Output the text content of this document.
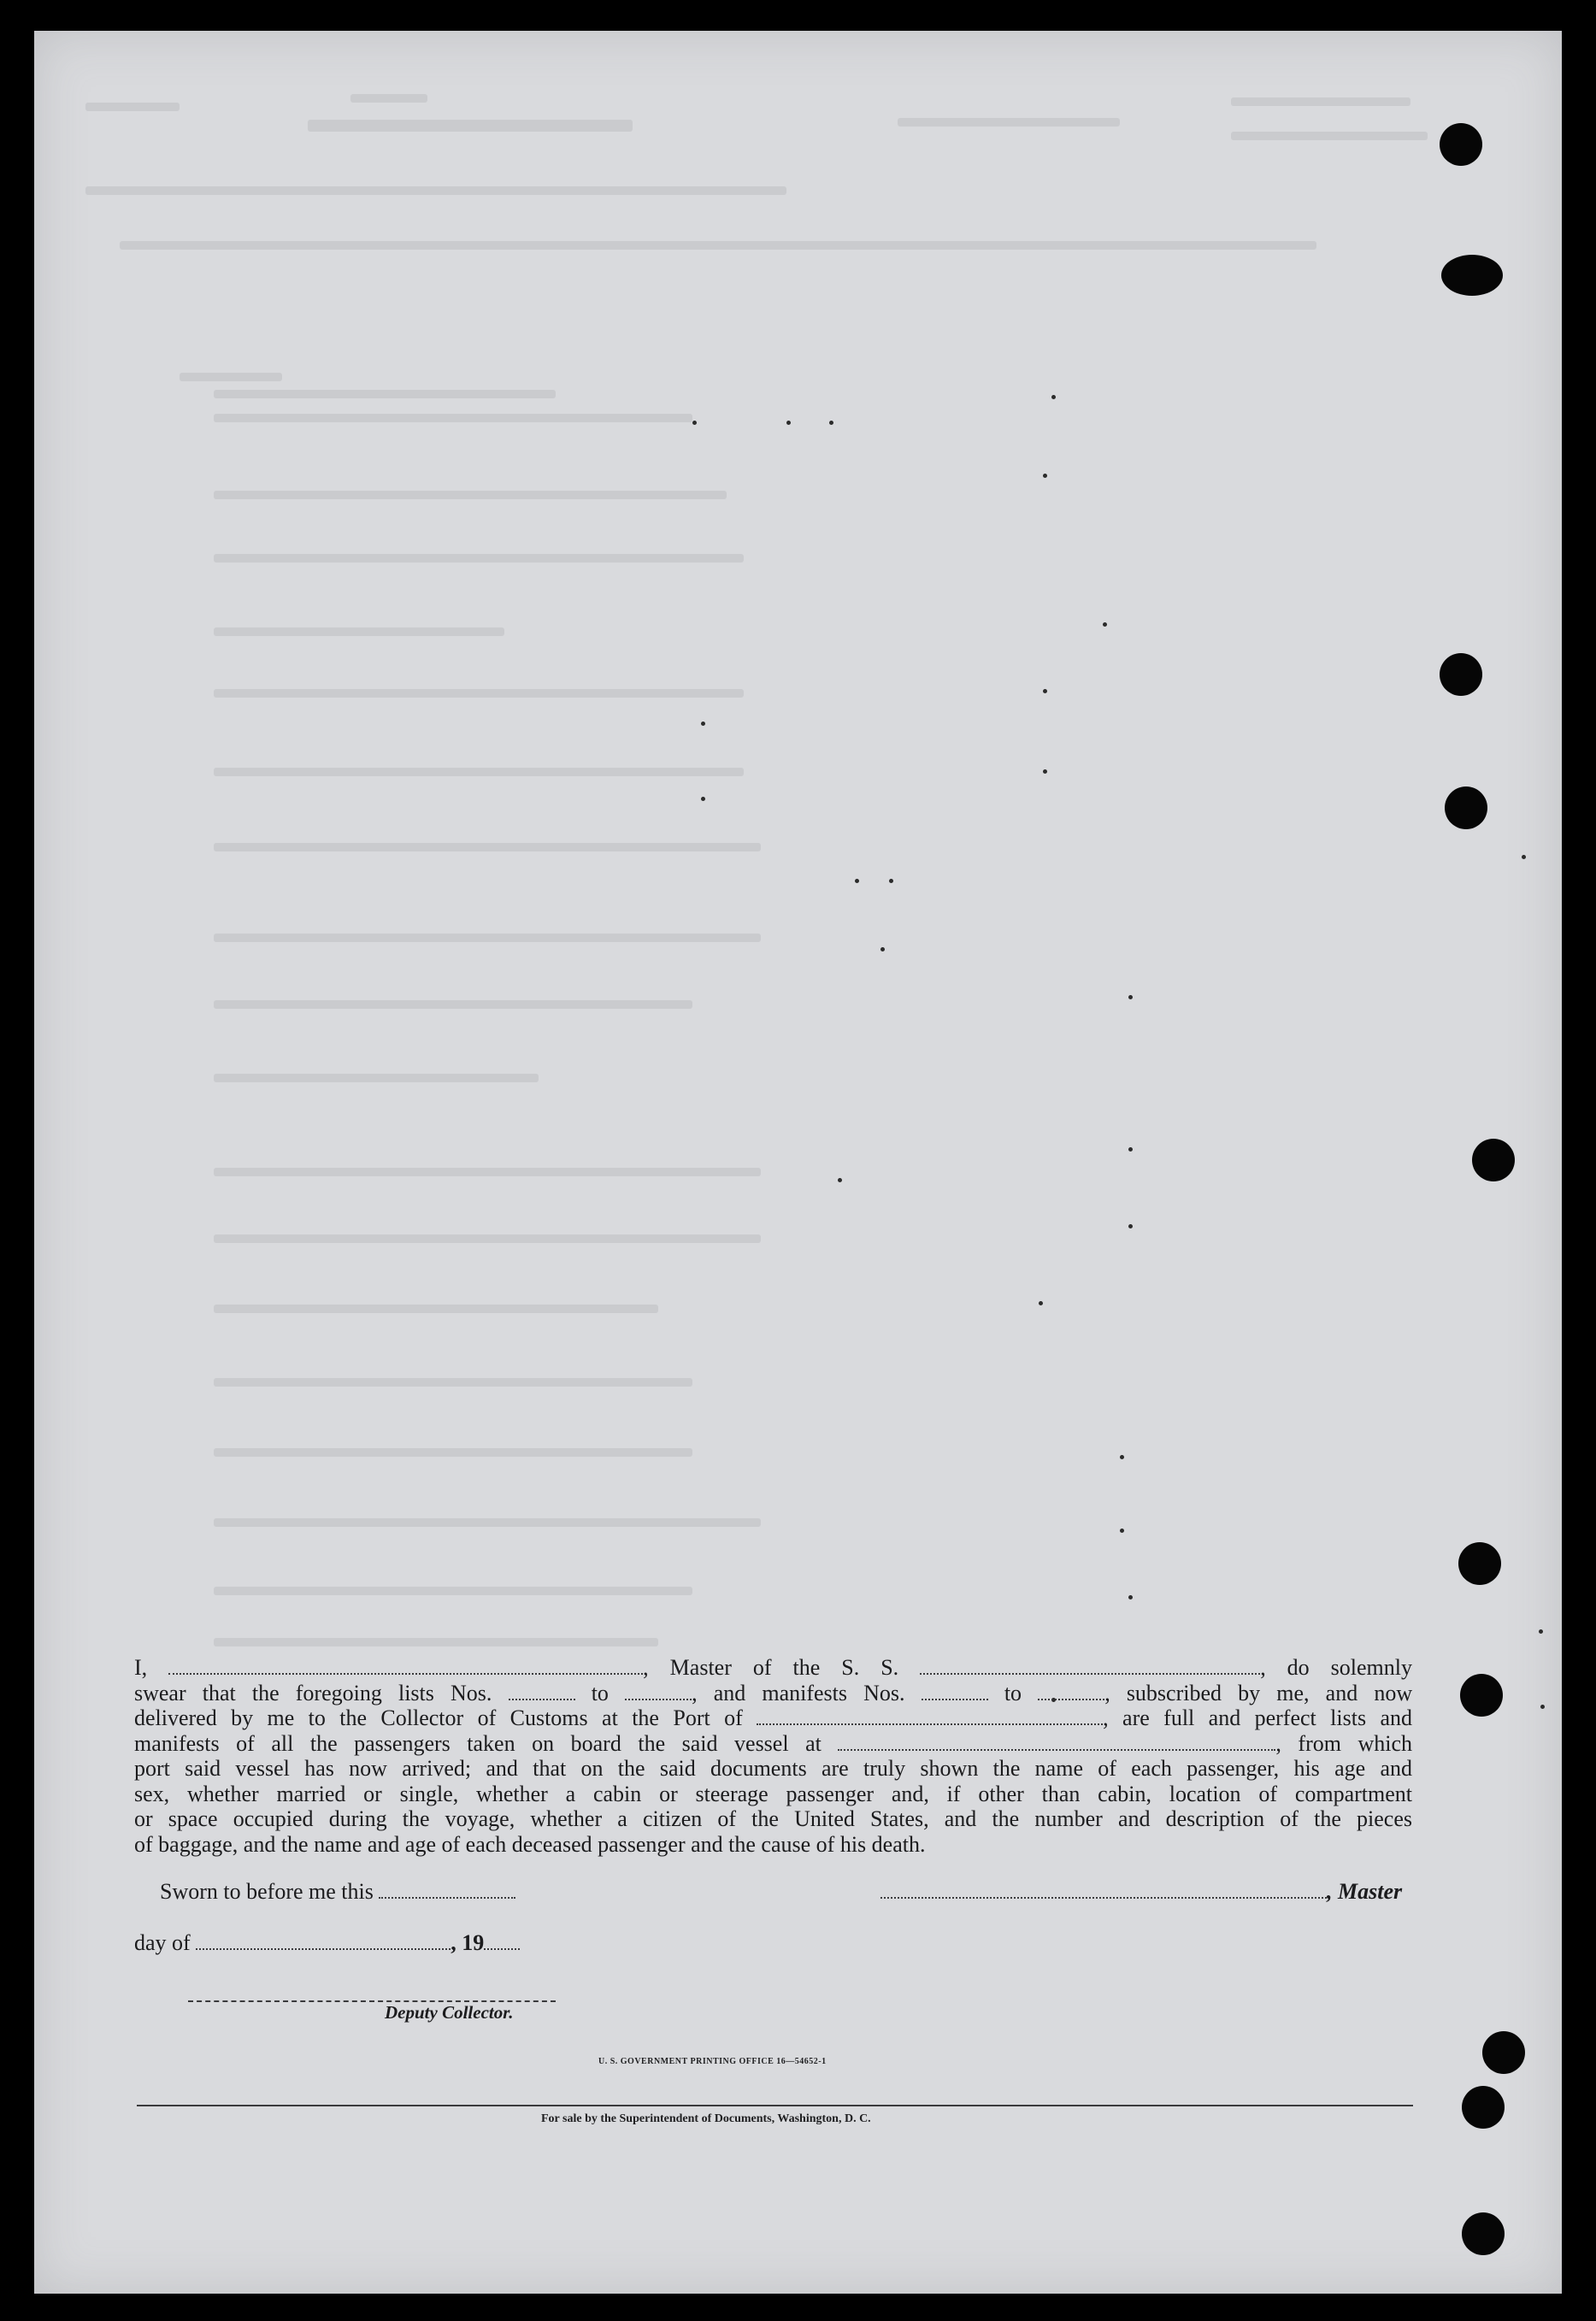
I,	, Master of the S. S.	, do solemnly
swear that the foregoing lists Nos.	to	, and manifests Nos.	to	, subscribed by me, and now
delivered by me to the Collector of Customs at the Port of	, are full and perfect lists and
manifests of all the passengers taken on board the said vessel at	, from which
port said vessel has now arrived; and that on the said documents are truly shown the name of each passenger, his age and
sex, whether married or single, whether a cabin or steerage passenger and, if other than cabin, location of compartment
or space occupied during the voyage, whether a citizen of the United States, and the number and description of the pieces
of baggage, and the name and age of each deceased passenger and the cause of his death.
Sworn to before me this	, Master
day of	, 19
Deputy Collector.
U. S. GOVERNMENT PRINTING OFFICE 16—54652-1
For sale by the Superintendent of Documents, Washington, D. C.
